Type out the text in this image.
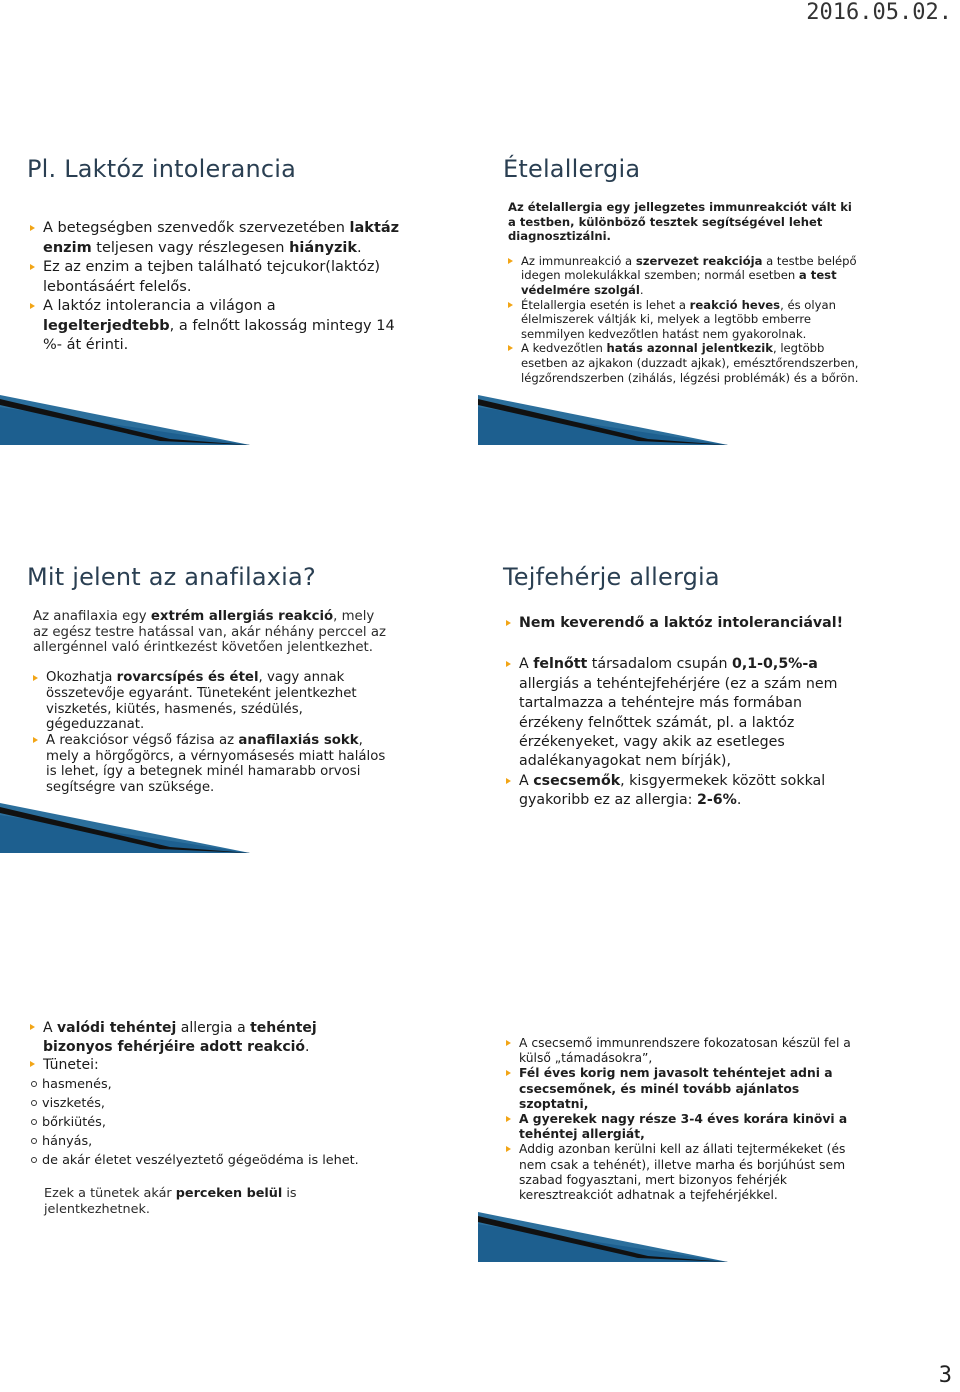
2016.05.02.
Pl. Laktóz intolerancia
A betegségben szenvedők szervezetében laktáz enzim teljesen vagy részlegesen hiányzik.
Ez az enzim a tejben található tejcukor(laktóz) lebontásáért felelős.
A laktóz intolerancia a világon a legelterjedtebb, a felnőtt lakosság mintegy 14 %- át érinti.
Ételallergia

Az ételallergia egy jellegzetes immunreakciót vált ki a testben, különböző tesztek segítségével lehet diagnosztizálni.

Az immunreakció a szervezet reakciója a testbe belépő idegen molekulákkal szemben; normál esetben a test védelmére szolgál.
Ételallergia esetén is lehet a reakció heves, és olyan élelmiszerek váltják ki, melyek a legtöbb emberre semmilyen kedvezőtlen hatást nem gyakorolnak.
A kedvezőtlen hatás azonnal jelentkezik, legtöbb esetben az ajkakon (duzzadt ajkak), emésztőrendszerben, légzőrendszerben (zihálás, légzési problémák) és a bőrön.
Mit jelent az anafilaxia?

Az anafilaxia egy extrém allergiás reakció, mely az egész testre hatással van, akár néhány perccel az allergénnel való érintkezést követően jelentkezhet.

Okozhatja rovarcsípés és étel, vagy annak összetevője egyaránt. Tüneteként jelentkezhet viszketés, kiütés, hasmenés, szédülés, gégeduzzanat.
A reakciósor végső fázisa az anafilaxiás sokk, mely a hörgőgörcs, a vérnyomásesés miatt halálos is lehet, így a betegnek minél hamarabb orvosi segítségre van szüksége.
Tejfehérje allergia
Nem keverendő a laktóz intoleranciával!
A felnőtt társadalom csupán 0,1-0,5%-a allergiás a tehéntejfehérjére (ez a szám nem tartalmazza a tehéntejre más formában érzékeny felnőttek számát, pl. a laktóz érzékenyeket, vagy akik az esetleges adalékanyagokat nem bírják),
A csecsemők, kisgyermekek között sokkal gyakoribb ez az allergia: 2-6%.
A valódi tehéntej allergia a tehéntej bizonyos fehérjéire adott reakció.
Tünetei:
hasmenés,
viszketés,
bőrkiütés,
hányás,
de akár életet veszélyeztető gégeödéma is lehet.

Ezek a tünetek akár perceken belül is jelentkezhetnek.

A csecsemő immunrendszere fokozatosan készül fel a külső „támadásokra”,
Fél éves korig nem javasolt tehéntejet adni a csecsemőnek, és minél tovább ajánlatos szoptatni,
A gyerekek nagy része 3-4 éves korára kinövi a tehéntej allergiát,
Addig azonban kerülni kell az állati tejtermékeket (és nem csak a tehénét), illetve marha és borjúhúst sem szabad fogyasztani, mert bizonyos fehérjék keresztreakciót adhatnak a tejfehérjékkel.
3
